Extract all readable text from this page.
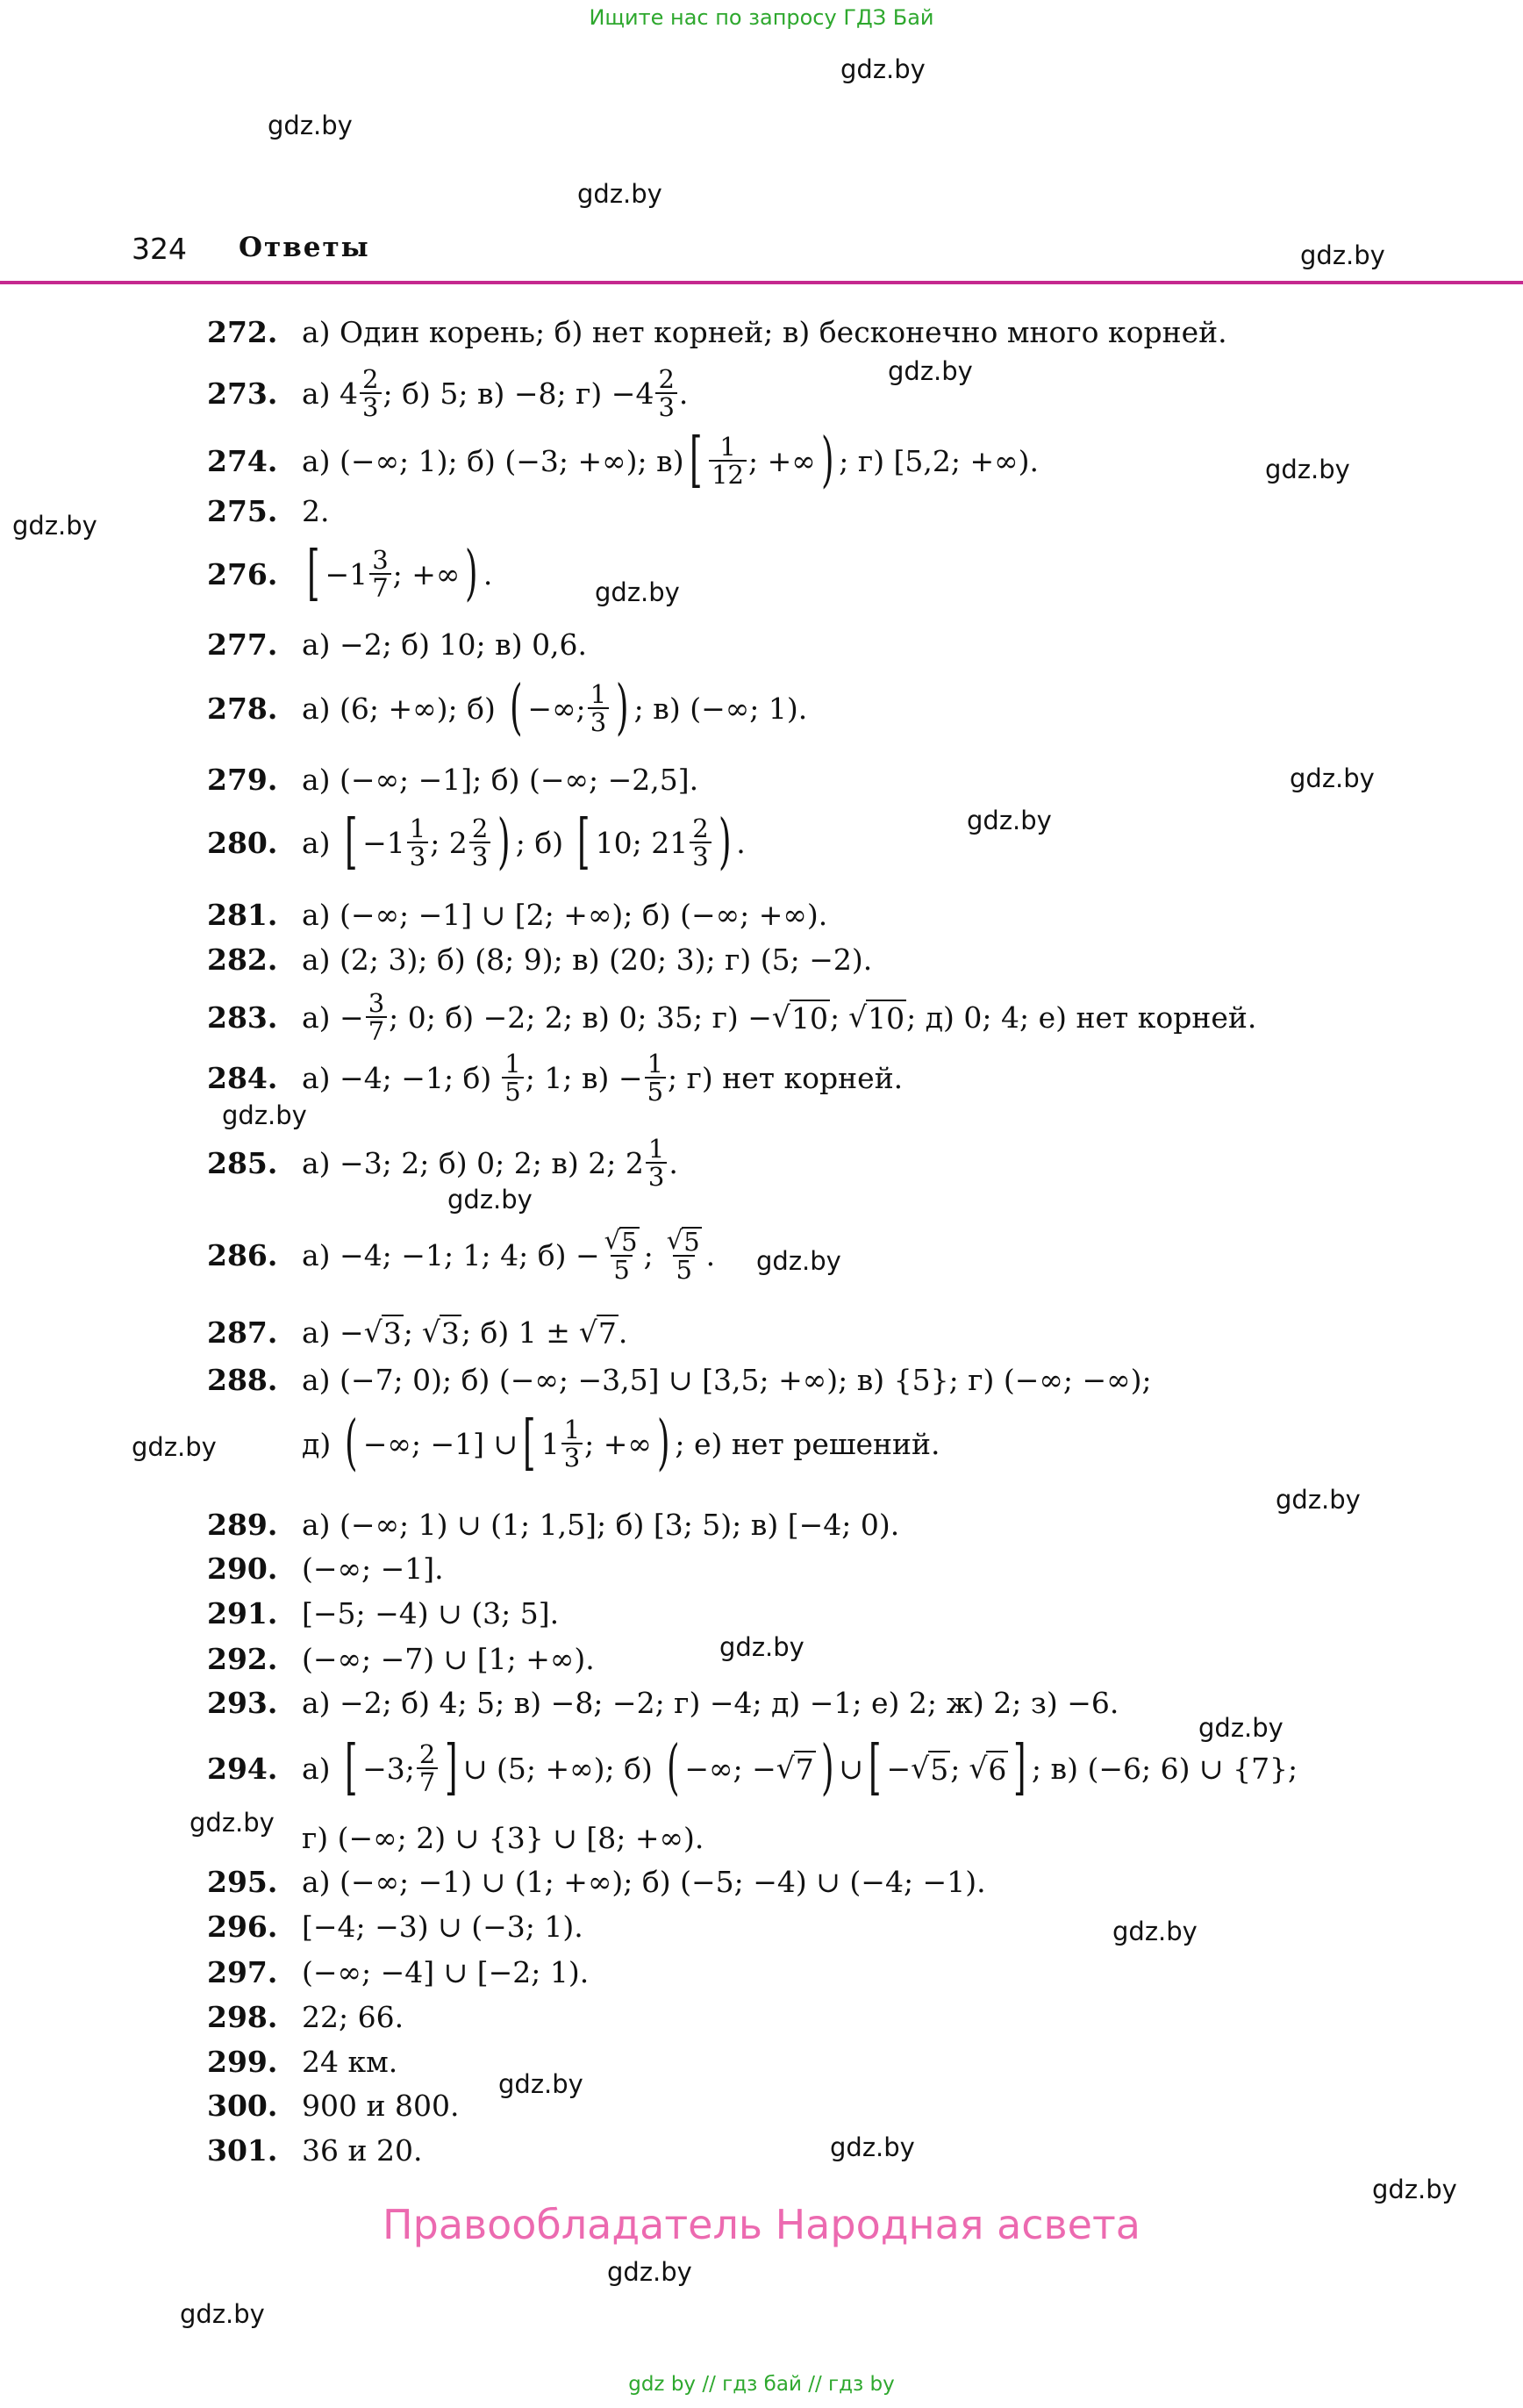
Ищите нас по запросу ГДЗ Бай
gdz.by
gdz.by
gdz.by
gdz.by
gdz.by
gdz.by
gdz.by
gdz.by
gdz.by
gdz.by
gdz.by
gdz.by
gdz.by
gdz.by
gdz.by
gdz.by
gdz.by
gdz.by
gdz.by
gdz.by
gdz.by
gdz.by
gdz.by
gdz.by
324 Ответы
272. а) Один корень; б) нет корней; в) бесконечно много корней.
273. а) $4 \frac{2}{3}$ ; б) 5; в) −8; $г) -4 \frac{2}{3}$ .
274. а) (−∞; 1); б) (−3; +∞); в) [ $\frac{1}{12}$ ; +∞ ) ; г) [5,2; +∞).
275. 2.
276. [ $-1 \frac{3}{7}$ ; +∞ ) .
277. а) −2; б) 10; в) 0,6.
278. а) (6; +∞); б) ( −∞; $\frac{1}{3}$ ) ; в) (−∞; 1).
279. а) (−∞; −1]; б) (−∞; −2,5].
280. а) [ $-1 \frac{1}{3}$ ; $2 \frac{2}{3}$ ) ; б) [ 10; $21 \frac{2}{3}$ ) .
281. а) (−∞; −1] ∪ [2; +∞); б) (−∞; +∞).
282. а) (2; 3); б) (8; 9); в) (20; 3); г) (5; −2).
283. $а) - \frac{3}{7}$ ; 0; б) −2; 2; в) 0; 35; г) − √ 10 ; √ 10 ; д) 0; 4; е) нет корней.
284. а) −4; −1; $б) \frac{1}{5}$ ; 1; $в) - \frac{1}{5}$ ; г) нет корней.
285. а) −3; 2; б) 0; 2; в) 2; $2 \frac{1}{3}$ .
286. а) −4; −1; 1; 4; $б) - \frac{√ 5}{5}$ ; $\frac{√ 5}{5}$ .
287. а) − √ 3 ; √ 3 ; б) 1 ± √ 7 .
288. а) (−7; 0); б) (−∞; −3,5] ∪ [3,5; +∞); в) {5}; г) (−∞; −∞);
д) ( −∞; −1] ∪ [ $1 \frac{1}{3}$ ; +∞ ) ; е) нет решений.
289. а) (−∞; 1) ∪ (1; 1,5]; б) [3; 5); в) [−4; 0).
290. (−∞; −1].
291. [−5; −4) ∪ (3; 5].
292. (−∞; −7) ∪ [1; +∞).
293. а) −2; б) 4; 5; в) −8; −2; г) −4; д) −1; е) 2; ж) 2; з) −6.
294. а) [ −3; $\frac{2}{7}$ ] ∪ (5; +∞); б) ( −∞; − √ 7 ) ∪ [ − √ 5 ; √ 6 ] ; в) (−6; 6) ∪ {7};
г) (−∞; 2) ∪ {3} ∪ [8; +∞).
295. а) (−∞; −1) ∪ (1; +∞); б) (−5; −4) ∪ (−4; −1).
296. [−4; −3) ∪ (−3; 1).
297. (−∞; −4] ∪ [−2; 1).
298. 22; 66.
299. 24 км.
300. 900 и 800.
301. 36 и 20.
Правообладатель Народная асвета
gdz by // гдз бай // гдз by
